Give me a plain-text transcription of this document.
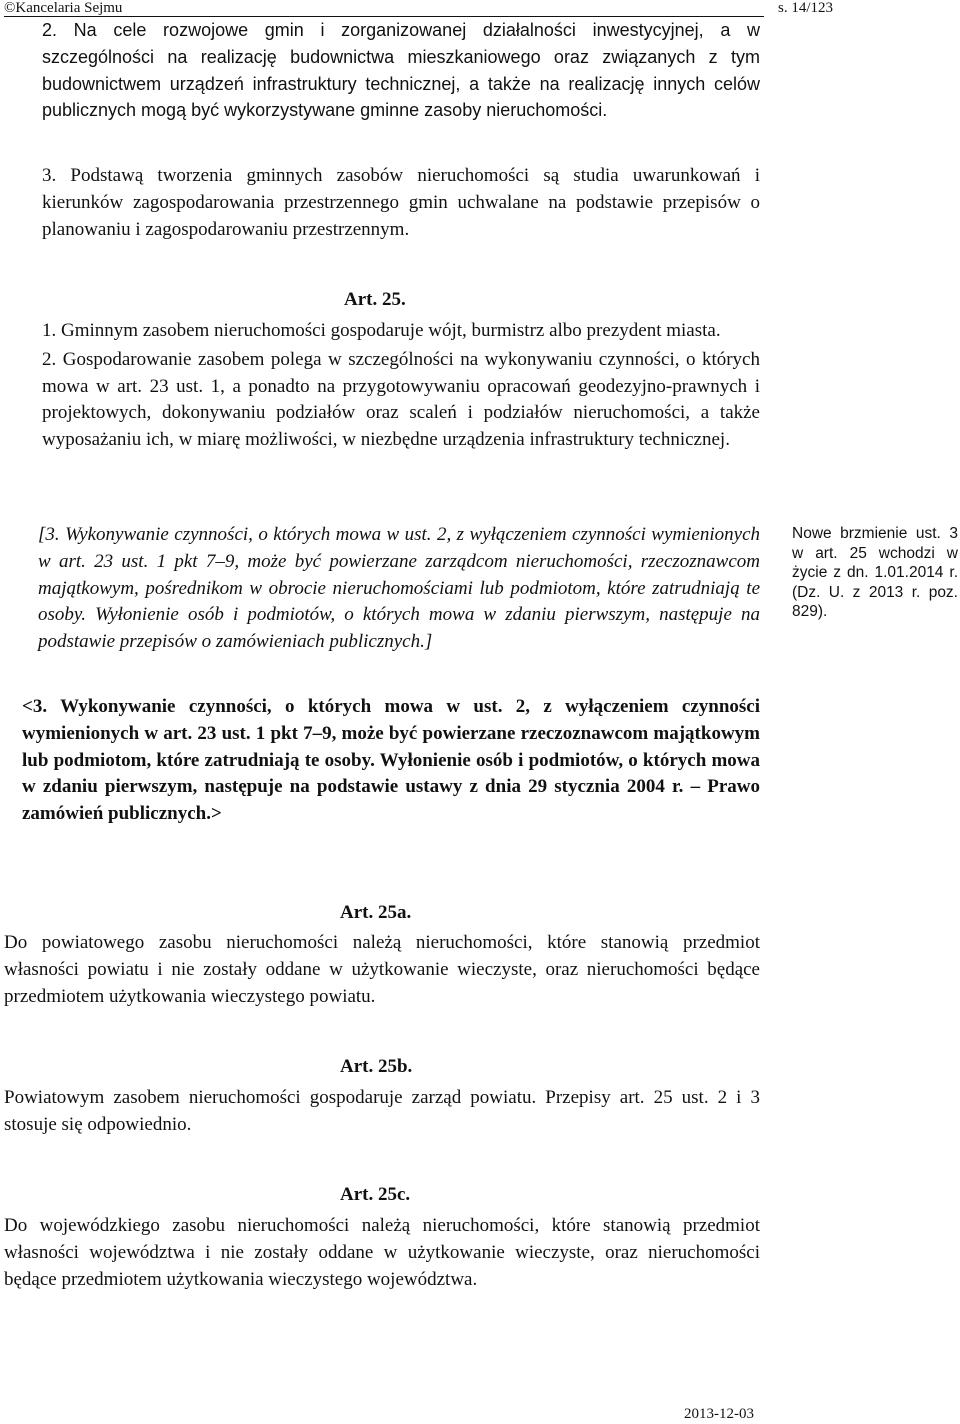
©Kancelaria Sejmu	s. 14/123
2. Na cele rozwojowe gmin i zorganizowanej działalności inwestycyjnej, a w szczególności na realizację budownictwa mieszkaniowego oraz związanych z tym budownictwem urządzeń infrastruktury technicznej, a także na realizację innych celów publicznych mogą być wykorzystywane gminne zasoby nieruchomości.

3. Podstawą tworzenia gminnych zasobów nieruchomości są studia uwarunkowań i kierunków zagospodarowania przestrzennego gmin uchwalane na podstawie przepisów o planowaniu i zagospodarowaniu przestrzennym.

Art. 25.

1. Gminnym zasobem nieruchomości gospodaruje wójt, burmistrz albo prezydent miasta.

2. Gospodarowanie zasobem polega w szczególności na wykonywaniu czynności, o których mowa w art. 23 ust. 1, a ponadto na przygotowywaniu opracowań geodezyjno-prawnych i projektowych, dokonywaniu podziałów oraz scaleń i podziałów nieruchomości, a także wyposażaniu ich, w miarę możliwości, w niezbędne urządzenia infrastruktury technicznej.

[3. Wykonywanie czynności, o których mowa w ust. 2, z wyłączeniem czynności wymienionych w art. 23 ust. 1 pkt 7–9, może być powierzane zarządcom nieruchomości, rzeczoznawcom majątkowym, pośrednikom w obrocie nieruchomościami lub podmiotom, które zatrudniają te osoby. Wyłonienie osób i podmiotów, o których mowa w zdaniu pierwszym, następuje na podstawie przepisów o zamówieniach publicznych.]
<3. Wykonywanie czynności, o których mowa w ust. 2, z wyłączeniem czynności wymienionych w art. 23 ust. 1 pkt 7–9, może być powierzane rzeczoznawcom majątkowym lub podmiotom, które zatrudniają te osoby. Wyłonienie osób i podmiotów, o których mowa w zdaniu pierwszym, następuje na podstawie ustawy z dnia 29 stycznia 2004 r. – Prawo zamówień publicznych.>
Nowe brzmienie ust. 3 w art. 25 wchodzi w życie z dn. 1.01.2014 r. (Dz. U. z 2013 r. poz. 829).
Art. 25a.
Do powiatowego zasobu nieruchomości należą nieruchomości, które stanowią przedmiot własności powiatu i nie zostały oddane w użytkowanie wieczyste, oraz nieruchomości będące przedmiotem użytkowania wieczystego powiatu.
Art. 25b.
Powiatowym zasobem nieruchomości gospodaruje zarząd powiatu. Przepisy art. 25 ust. 2 i 3 stosuje się odpowiednio.
Art. 25c.
Do wojewódzkiego zasobu nieruchomości należą nieruchomości, które stanowią przedmiot własności województwa i nie zostały oddane w użytkowanie wieczyste, oraz nieruchomości będące przedmiotem użytkowania wieczystego województwa.
2013-12-03
